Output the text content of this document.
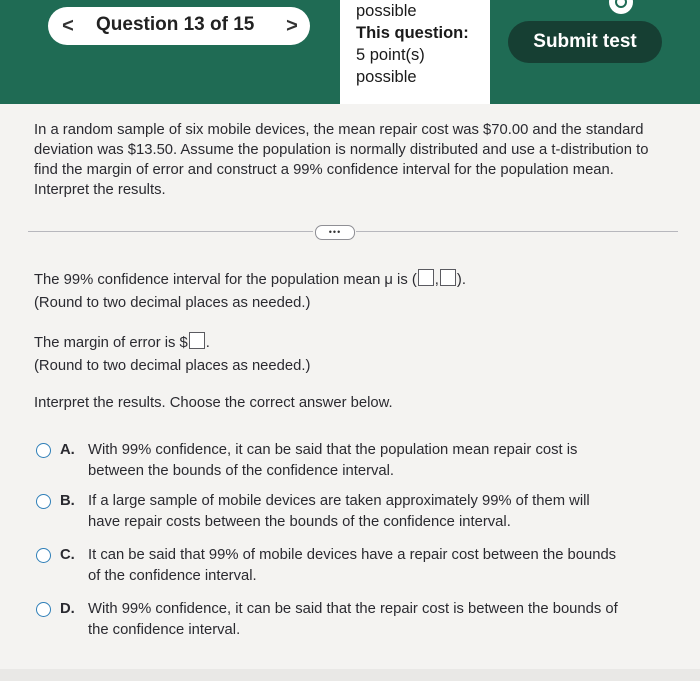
<	Question 13 of 15	>
possible
This question:
5 point(s)
possible
Submit test
In a random sample of six mobile devices, the mean repair cost was $70.00 and the standard deviation was $13.50. Assume the population is normally distributed and use a t-distribution to find the margin of error and construct a 99% confidence interval for the population mean. Interpret the results.
•••
The 99% confidence interval for the population mean μ is ( , ).
(Round to two decimal places as needed.)
The margin of error is $ .
(Round to two decimal places as needed.)
Interpret the results. Choose the correct answer below.
A. With 99% confidence, it can be said that the population mean repair cost is
between the bounds of the confidence interval.
B. If a large sample of mobile devices are taken approximately 99% of them will
have repair costs between the bounds of the confidence interval.
C. It can be said that 99% of mobile devices have a repair cost between the bounds
of the confidence interval.
D. With 99% confidence, it can be said that the repair cost is between the bounds of
the confidence interval.
